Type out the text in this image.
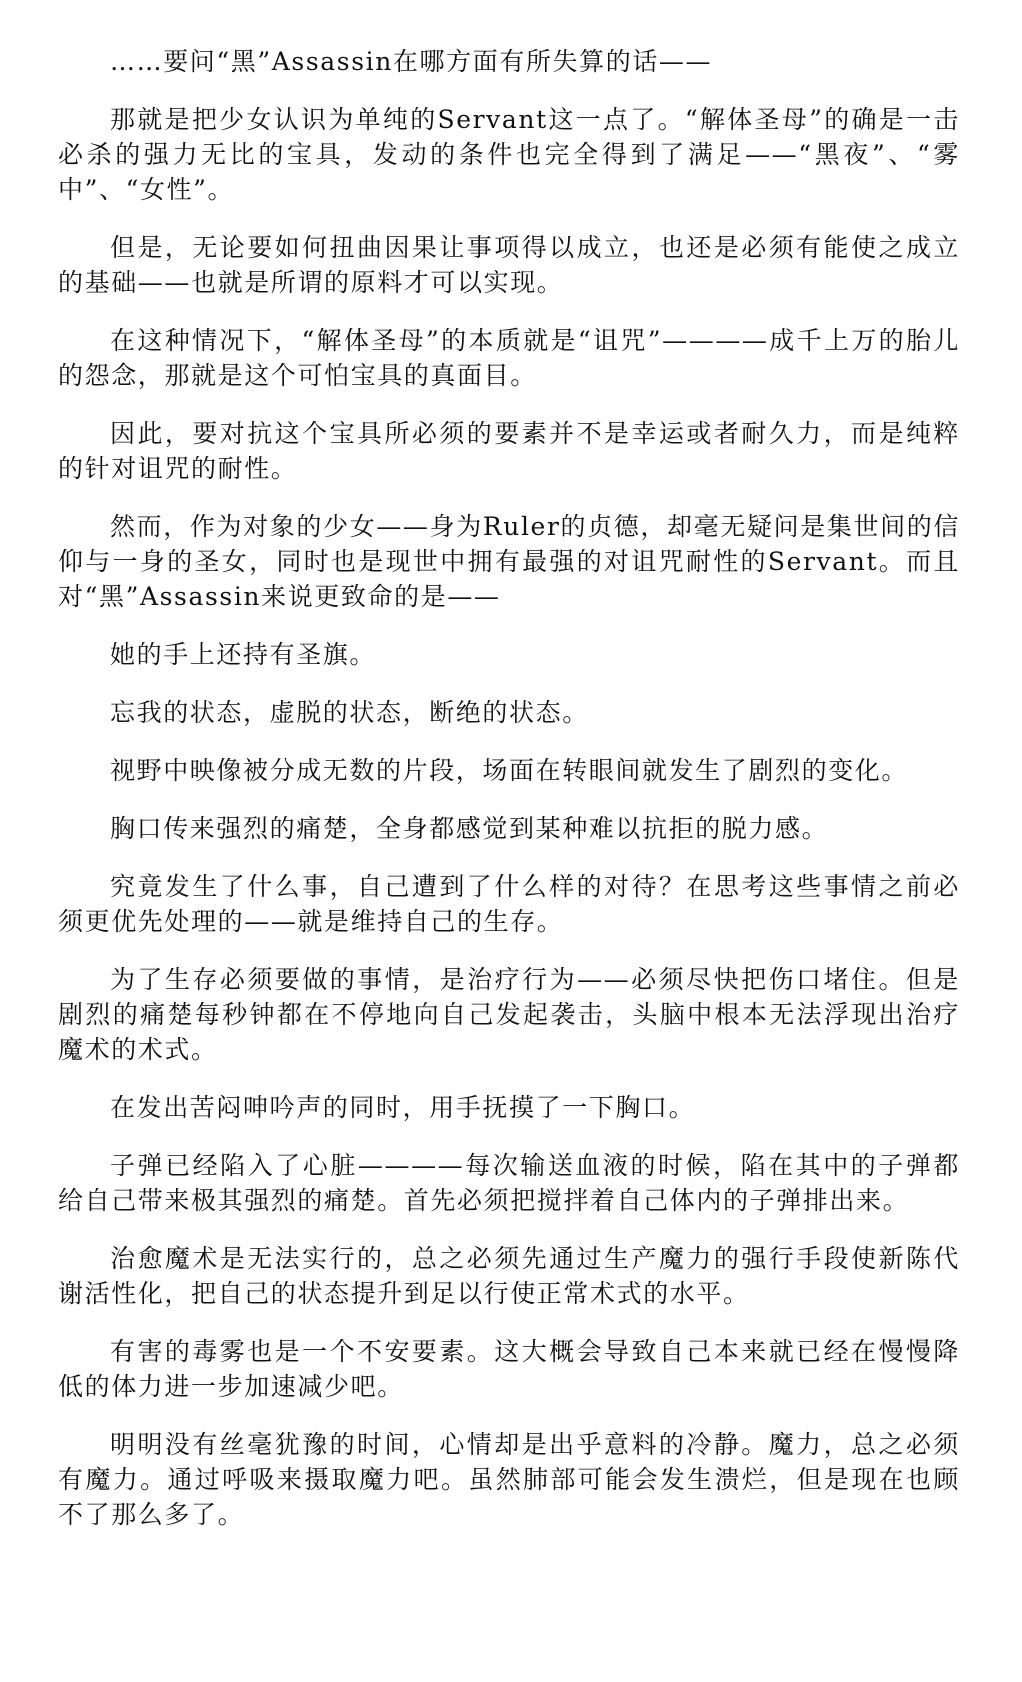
……要问“黑”Assassin在哪方面有所失算的话——

那就是把少女认识为单纯的Servant这一点了。“解体圣母”的确是一击必杀的强力无比的宝具，发动的条件也完全得到了满足——“黑夜”、“雾中”、“女性”。

但是，无论要如何扭曲因果让事项得以成立，也还是必须有能使之成立的基础——也就是所谓的原料才可以实现。

在这种情况下，“解体圣母”的本质就是“诅咒”————成千上万的胎儿的怨念，那就是这个可怕宝具的真面目。

因此，要对抗这个宝具所必须的要素并不是幸运或者耐久力，而是纯粹的针对诅咒的耐性。

然而，作为对象的少女——身为Ruler的贞德，却毫无疑问是集世间的信仰与一身的圣女，同时也是现世中拥有最强的对诅咒耐性的Servant。而且对“黑”Assassin来说更致命的是——

她的手上还持有圣旗。

忘我的状态，虚脱的状态，断绝的状态。

视野中映像被分成无数的片段，场面在转眼间就发生了剧烈的变化。

胸口传来强烈的痛楚，全身都感觉到某种难以抗拒的脱力感。

究竟发生了什么事，自己遭到了什么样的对待？在思考这些事情之前必须更优先处理的——就是维持自己的生存。

为了生存必须要做的事情，是治疗行为——必须尽快把伤口堵住。但是剧烈的痛楚每秒钟都在不停地向自己发起袭击，头脑中根本无法浮现出治疗魔术的术式。

在发出苦闷呻吟声的同时，用手抚摸了一下胸口。

子弹已经陷入了心脏————每次输送血液的时候，陷在其中的子弹都给自己带来极其强烈的痛楚。首先必须把搅拌着自己体内的子弹排出来。

治愈魔术是无法实行的，总之必须先通过生产魔力的强行手段使新陈代谢活性化，把自己的状态提升到足以行使正常术式的水平。

有害的毒雾也是一个不安要素。这大概会导致自己本来就已经在慢慢降低的体力进一步加速减少吧。

明明没有丝毫犹豫的时间，心情却是出乎意料的冷静。魔力，总之必须有魔力。通过呼吸来摄取魔力吧。虽然肺部可能会发生溃烂，但是现在也顾不了那么多了。
